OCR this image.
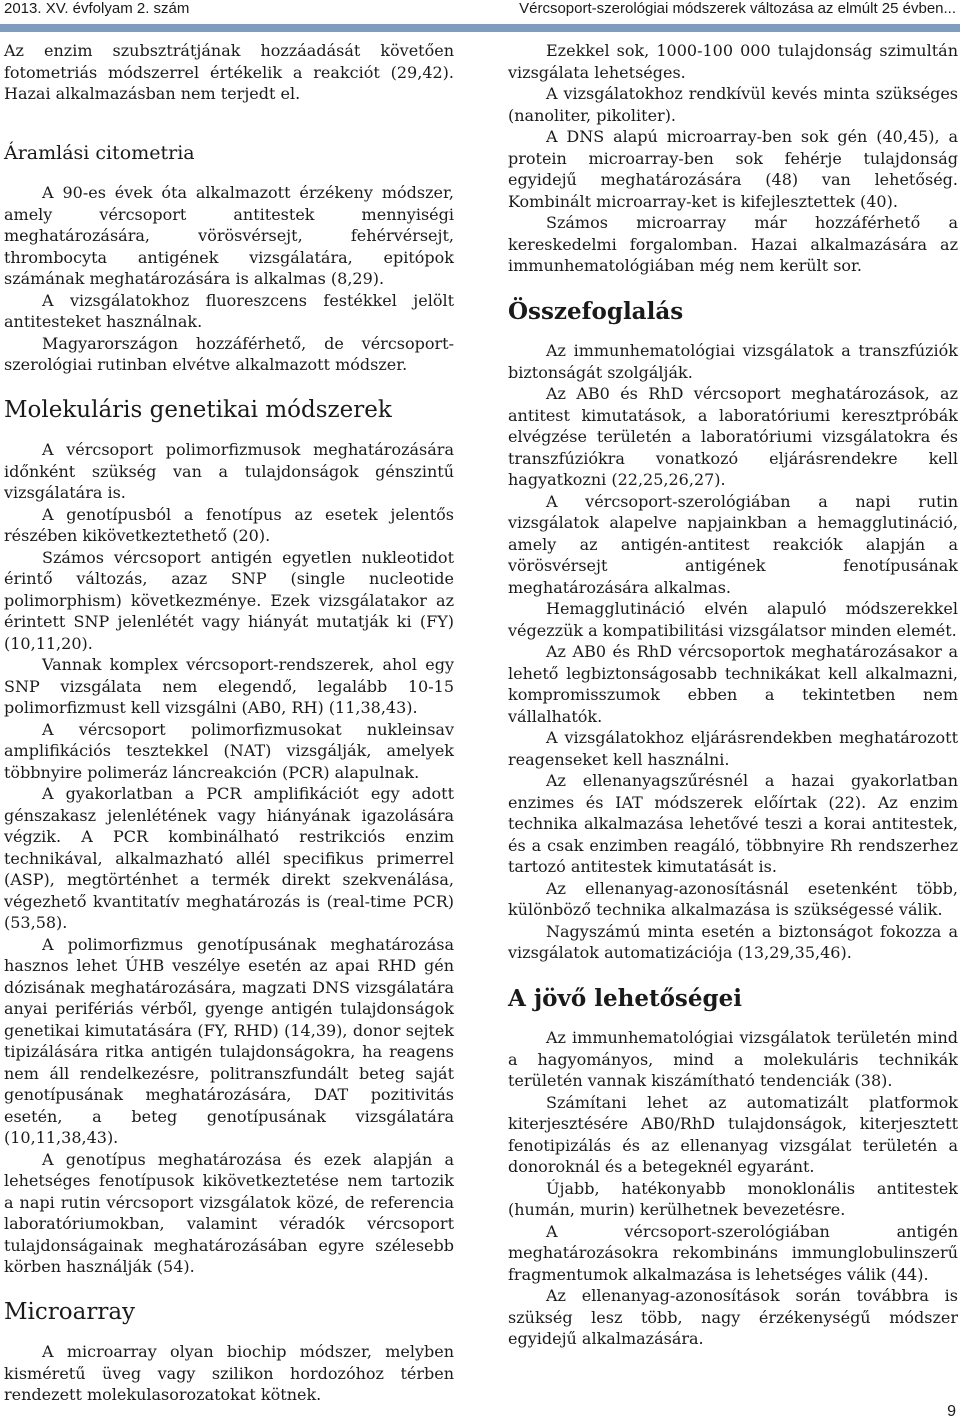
2013. XV. évfolyam 2. szám	Vércsoport-szerológiai módszerek változása az elmúlt 25 évben...

Az enzim szubsztrátjának hozzáadását követően fotometriás módszerrel értékelik a reakciót (29,42). Hazai alkalmazásban nem terjedt el.

Áramlási citometria

A 90-es évek óta alkalmazott érzékeny módszer, amely vércsoport antitestek mennyiségi meghatározására, vörösvérsejt, fehérvérsejt, thrombocyta antigének vizsgálatára, epitópok számának meghatározására is alkalmas (8,29).

A vizsgálatokhoz fluoreszcens festékkel jelölt antitesteket használnak.

Magyarországon hozzáférhető, de vércsoport-szerológiai rutinban elvétve alkalmazott módszer.

Molekuláris genetikai módszerek

A vércsoport polimorfizmusok meghatározására időnként szükség van a tulajdonságok génszintű vizsgálatára is.

A genotípusból a fenotípus az esetek jelentős részében kikövetkeztethető (20).

Számos vércsoport antigén egyetlen nukleotidot érintő változás, azaz SNP (single nucleotide polimorphism) következménye. Ezek vizsgálatakor az érintett SNP jelenlétét vagy hiányát mutatják ki (FY) (10,11,20).

Vannak komplex vércsoport-rendszerek, ahol egy SNP vizsgálata nem elegendő, legalább 10-15 polimorfizmust kell vizsgálni (AB0, RH) (11,38,43).

A vércsoport polimorfizmusokat nukleinsav amplifikációs tesztekkel (NAT) vizsgálják, amelyek többnyire polimeráz láncreakción (PCR) alapulnak.

A gyakorlatban a PCR amplifikációt egy adott génszakasz jelenlétének vagy hiányának igazolására végzik. A PCR kombinálható restrikciós enzim technikával, alkalmazható allél specifikus primerrel (ASP), megtörténhet a termék direkt szekvenálása, végezhető kvantitatív meghatározás is (real-time PCR) (53,58).

A polimorfizmus genotípusának meghatározása hasznos lehet ÚHB veszélye esetén az apai RHD gén dózisának meghatározására, magzati DNS vizsgálatára anyai perifériás vérből, gyenge antigén tulajdonságok genetikai kimutatására (FY, RHD) (14,39), donor sejtek tipizálására ritka antigén tulajdonságokra, ha reagens nem áll rendelkezésre, politranszfundált beteg saját genotípusának meghatározására, DAT pozitivitás esetén, a beteg genotípusának vizsgálatára (10,11,38,43).

A genotípus meghatározása és ezek alapján a lehetséges fenotípusok kikövetkeztetése nem tartozik a napi rutin vércsoport vizsgálatok közé, de referencia laboratóriumokban, valamint véradók vércsoport tulajdonságainak meghatározásában egyre szélesebb körben használják (54).

Microarray

A microarray olyan biochip módszer, melyben kisméretű üveg vagy szilikon hordozóhoz térben rendezett molekulasorozatokat kötnek.

Ezekkel sok, 1000-100 000 tulajdonság szimultán vizsgálata lehetséges.

A vizsgálatokhoz rendkívül kevés minta szükséges (nanoliter, pikoliter).

A DNS alapú microarray-ben sok gén (40,45), a protein microarray-ben sok fehérje tulajdonság egyidejű meghatározására (48) van lehetőség. Kombinált microarray-ket is kifejlesztettek (40).

Számos microarray már hozzáférhető a kereskedelmi forgalomban. Hazai alkalmazására az immunhematológiában még nem került sor.

Összefoglalás

Az immunhematológiai vizsgálatok a transzfúziók biztonságát szolgálják.

Az AB0 és RhD vércsoport meghatározások, az antitest kimutatások, a laboratóriumi keresztpróbák elvégzése területén a laboratóriumi vizsgálatokra és transzfúziókra vonatkozó eljárásrendekre kell hagyatkozni (22,25,26,27).

A vércsoport-szerológiában a napi rutin vizsgálatok alapelve napjainkban a hemagglutináció, amely az antigén-antitest reakciók alapján a vörösvérsejt antigének fenotípusának meghatározására alkalmas.

Hemagglutináció elvén alapuló módszerekkel végezzük a kompatibilitási vizsgálatsor minden elemét.

Az AB0 és RhD vércsoportok meghatározásakor a lehető legbiztonságosabb technikákat kell alkalmazni, kompromisszumok ebben a tekintetben nem vállalhatók.

A vizsgálatokhoz eljárásrendekben meghatározott reagenseket kell használni.

Az ellenanyagszűrésnél a hazai gyakorlatban enzimes és IAT módszerek előírtak (22). Az enzim technika alkalmazása lehetővé teszi a korai antitestek, és a csak enzimben reagáló, többnyire Rh rendszerhez tartozó antitestek kimutatását is.

Az ellenanyag-azonosításnál esetenként több, különböző technika alkalmazása is szükségessé válik.

Nagyszámú minta esetén a biztonságot fokozza a vizsgálatok automatizációja (13,29,35,46).

A jövő lehetőségei

Az immunhematológiai vizsgálatok területén mind a hagyományos, mind a molekuláris technikák területén vannak kiszámítható tendenciák (38).

Számítani lehet az automatizált platformok kiterjesztésére AB0/RhD tulajdonságok, kiterjesztett fenotipizálás és az ellenanyag vizsgálat területén a donoroknál és a betegeknél egyaránt.

Újabb, hatékonyabb monoklonális antitestek (humán, murin) kerülhetnek bevezetésre.

A vércsoport-szerológiában antigén meghatározásokra rekombináns immunglobulinszerű fragmentumok alkalmazása is lehetséges válik (44).

Az ellenanyag-azonosítások során továbbra is szükség lesz több, nagy érzékenységű módszer egyidejű alkalmazására.

9
